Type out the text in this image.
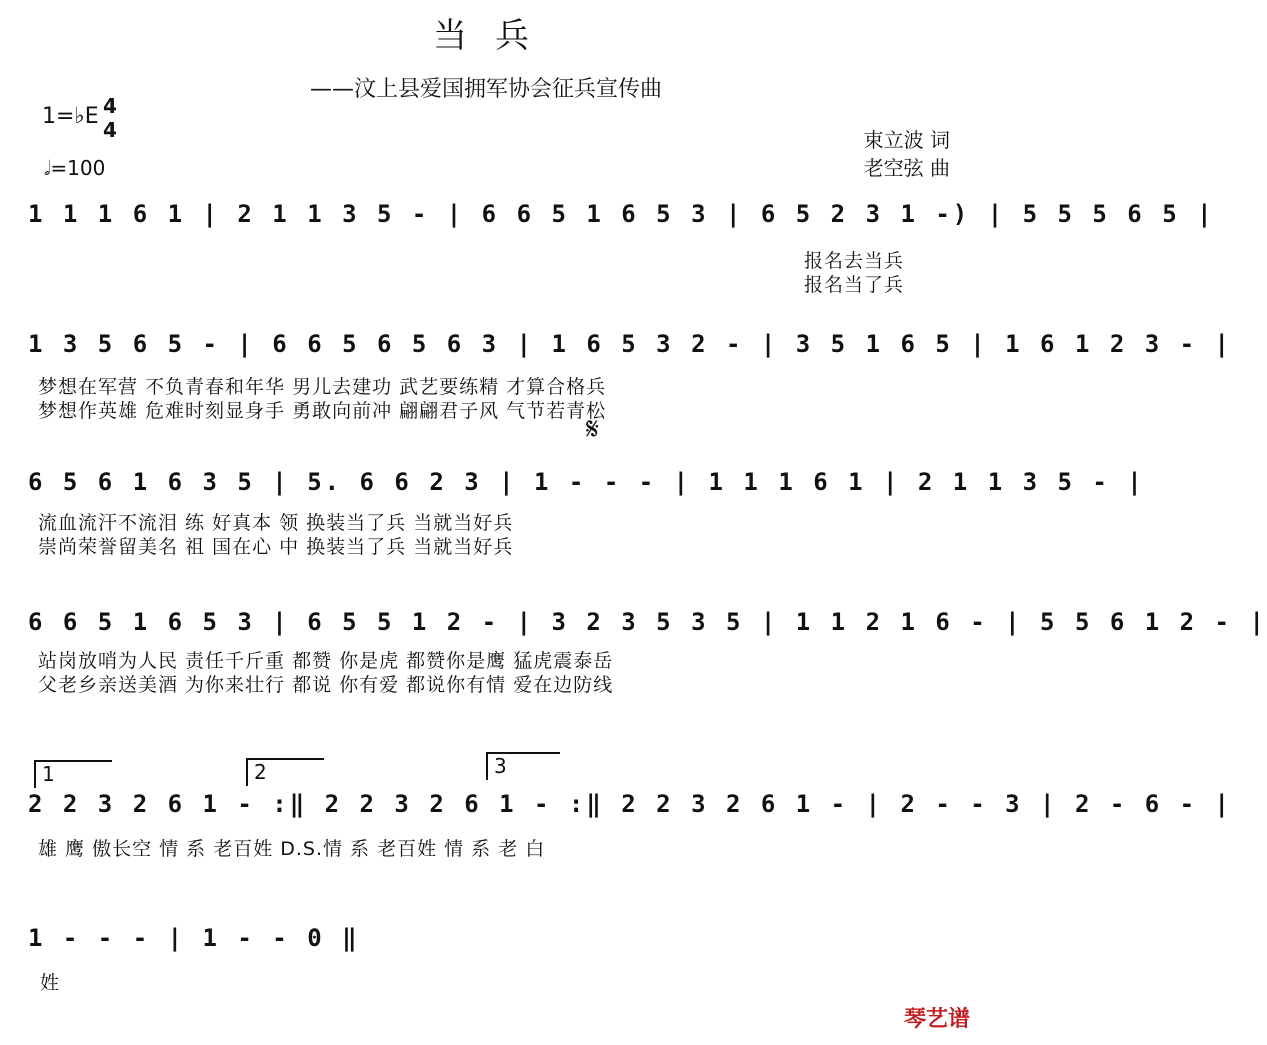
当兵
——汶上县爱国拥军协会征兵宣传曲
1=♭E 4
4
𝅗𝅥=100
束立波 词
老空弦 曲
1 1 1 6 1 | 2 1 1 3 5 - | 6 6 5 1 6 5 3 | 6 5 2 3 1 -) | 5 5 5 6 5 |
报名去当兵
报名当了兵
1 3 5 6 5 - | 6 6 5 6 5 6 3 | 1 6 5 3 2 - | 3 5 1 6 5 | 1 6 1 2 3 - |
梦想在军营 不负青春和年华 男儿去建功 武艺要练精 才算合格兵
梦想作英雄 危难时刻显身手 勇敢向前冲 翩翩君子风 气节若青松
𝄋
6 5 6 1 6 3 5 | 5. 6 6 2 3 | 1 - - - | 1 1 1 6 1 | 2 1 1 3 5 - |
流血流汗不流泪 练 好真本 领 换装当了兵 当就当好兵
崇尚荣誉留美名 祖 国在心 中 换装当了兵 当就当好兵
6 6 5 1 6 5 3 | 6 5 5 1 2 - | 3 2 3 5 3 5 | 1 1 2 1 6 - | 5 5 6 1 2 - |
站岗放哨为人民 责任千斤重 都赞 你是虎 都赞你是鹰 猛虎震泰岳
父老乡亲送美酒 为你来壮行 都说 你有爱 都说你有情 爱在边防线
1	2	3
2 2 3 2 6 1 - :‖ 2 2 3 2 6 1 - :‖ 2 2 3 2 6 1 - | 2 - - 3 | 2 - 6 - |
雄 鹰 傲长空 情 系 老百姓 D.S.情 系 老百姓 情 系 老 白
1 - - - | 1 - - 0 ‖
姓
琴艺谱
